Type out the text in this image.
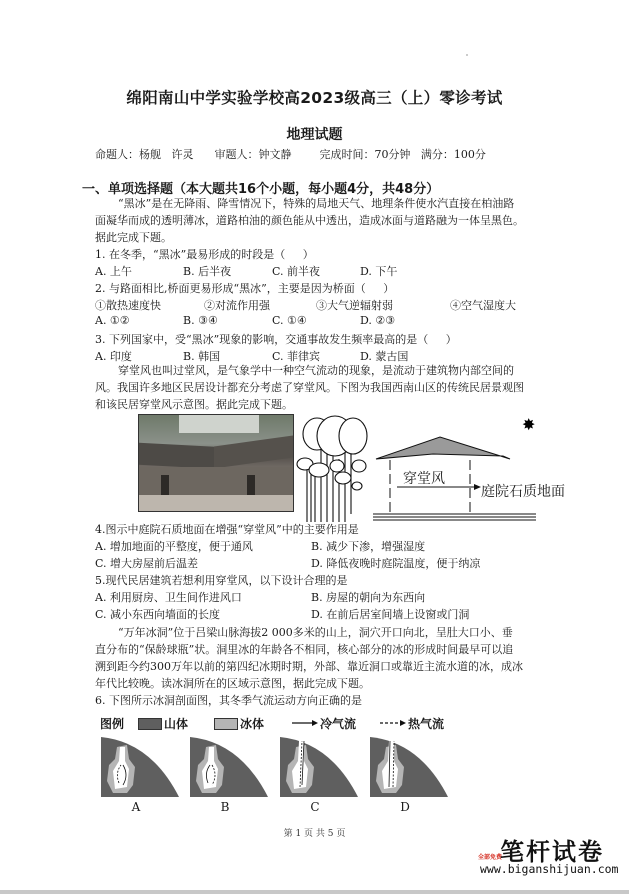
绵阳南山中学实验学校高2023级高三（上）零诊考试
地理试题
命题人：杨舰   许灵      审题人：钟文静        完成时间：70分钟   满分：100分
一、单项选择题（本大题共16个小题，每小题4分，共48分）
“黑冰”是在无降雨、降雪情况下，特殊的局地天气、地理条件使水汽直接在柏油路
面凝华而成的透明薄冰，道路柏油的颜色能从中透出，造成冰面与道路融为一体呈黑色。
据此完成下题。
1. 在冬季，“黑冰”最易形成的时段是（     ）
A. 上午	B. 后半夜	C. 前半夜	D. 下午
2. 与路面相比,桥面更易形成“黑冰”，主要是因为桥面（     ）
①散热速度快	②对流作用强	③大气逆辐射弱	④空气湿度大
A. ①②	B. ③④	C. ①④	D. ②③
3. 下列国家中，受“黑冰”现象的影响，交通事故发生频率最高的是（     ）
A. 印度	B. 韩国	C. 菲律宾	D. 蒙古国
穿堂风也叫过堂风，是气象学中一种空气流动的现象，是流动于建筑物内部空间的
风。我国许多地区民居设计都充分考虑了穿堂风。下图为我国西南山区的传统民居景观图
和该民居穿堂风示意图。据此完成下题。
穿堂风
庭院石质地面
✸
4.图示中庭院石质地面在增强“穿堂风”中的主要作用是
A. 增加地面的平整度，便于通风	B. 减少下渗，增强湿度
C. 增大房屋前后温差	D. 降低夜晚时庭院温度，便于纳凉
5.现代民居建筑若想利用穿堂风，以下设计合理的是
A. 利用厨房、卫生间作进风口	B. 房屋的朝向为东西向
C. 减小东西向墙面的长度	D. 在前后居室间墙上设窗或门洞
“万年冰洞”位于吕梁山脉海拔2 000多米的山上，洞穴开口向北，呈肚大口小、垂
直分布的“保龄球瓶”状。洞里冰的年龄各不相同，核心部分的冰的形成时间最早可以追
溯到距今约300万年以前的第四纪冰期时期，外部、靠近洞口或靠近主流水道的冰，成冰
年代比较晚。读冰洞所在的区域示意图，据此完成下题。
6. 下图所示冰洞剖面图，其冬季气流运动方向正确的是
图例	山体	冰体	冷气流	热气流
A	B	C	D
第 1 页 共 5 页
全部免费
笔杆试卷
www.biganshijuan.com
